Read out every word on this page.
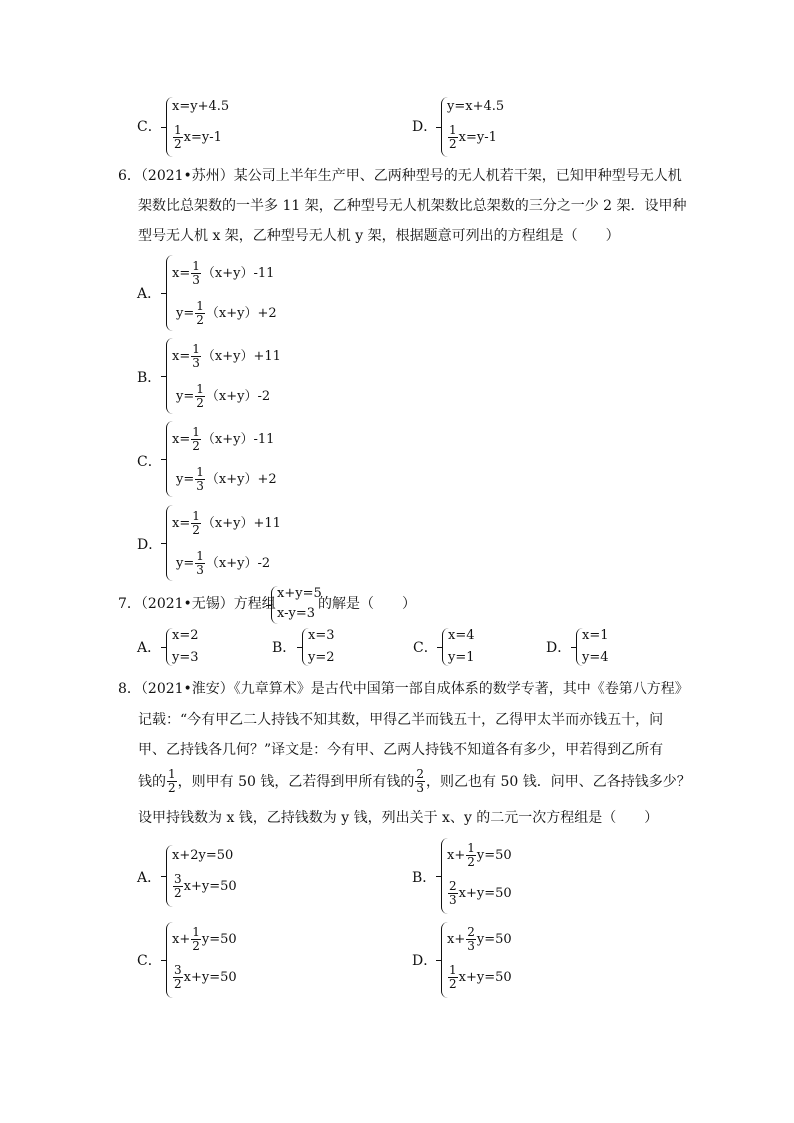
C．
x=y+4.5
$\frac{1}{2} x=y-1$
D．
y=x+4.5
$\frac{1}{2} x=y-1$
6．（2021•苏州）某公司上半年生产甲、乙两种型号的无人机若干架，已知甲种型号无人机
架数比总架数的一半多 11 架，乙种型号无人机架数比总架数的三分之一少 2 架．设甲种
型号无人机 x 架，乙种型号无人机 y 架，根据题意可列出的方程组是（　　）
A．
$x= \frac{1}{3} (x+y)-11$
$y= \frac{1}{2} (x+y)+2$
B．
$x= \frac{1}{3} (x+y)+11$
$y= \frac{1}{2} (x+y)-2$
C．
$x= \frac{1}{2} (x+y)-11$
$y= \frac{1}{3} (x+y)+2$
D．
$x= \frac{1}{2} (x+y)+11$
$y= \frac{1}{3} (x+y)-2$
7．（2021•无锡）方程组
x+y=5
x-y=3
的解是（　　）
A．
x=2
y=3
B．
x=3
y=2
C．
x=4
y=1
D．
x=1
y=4
8．（2021•淮安）《九章算术》是古代中国第一部自成体系的数学专著，其中《卷第八方程》
记载：“今有甲乙二人持钱不知其数，甲得乙半而钱五十，乙得甲太半而亦钱五十，问
甲、乙持钱各几何？”译文是：今有甲、乙两人持钱不知道各有多少，甲若得到乙所有
钱的 $\frac{1}{2}$ ，则甲有 50 钱，乙若得到甲所有钱的 $\frac{2}{3}$ ，则乙也有 50 钱．问甲、乙各持钱多少？
设甲持钱数为 x 钱，乙持钱数为 y 钱，列出关于 x、y 的二元一次方程组是（　　）
A．
x+2y=50
$\frac{3}{2} x+y=50$
B．
$x+ \frac{1}{2} y=50$
$\frac{2}{3} x+y=50$
C．
$x+ \frac{1}{2} y=50$
$\frac{3}{2} x+y=50$
D．
$x+ \frac{2}{3} y=50$
$\frac{1}{2} x+y=50$
